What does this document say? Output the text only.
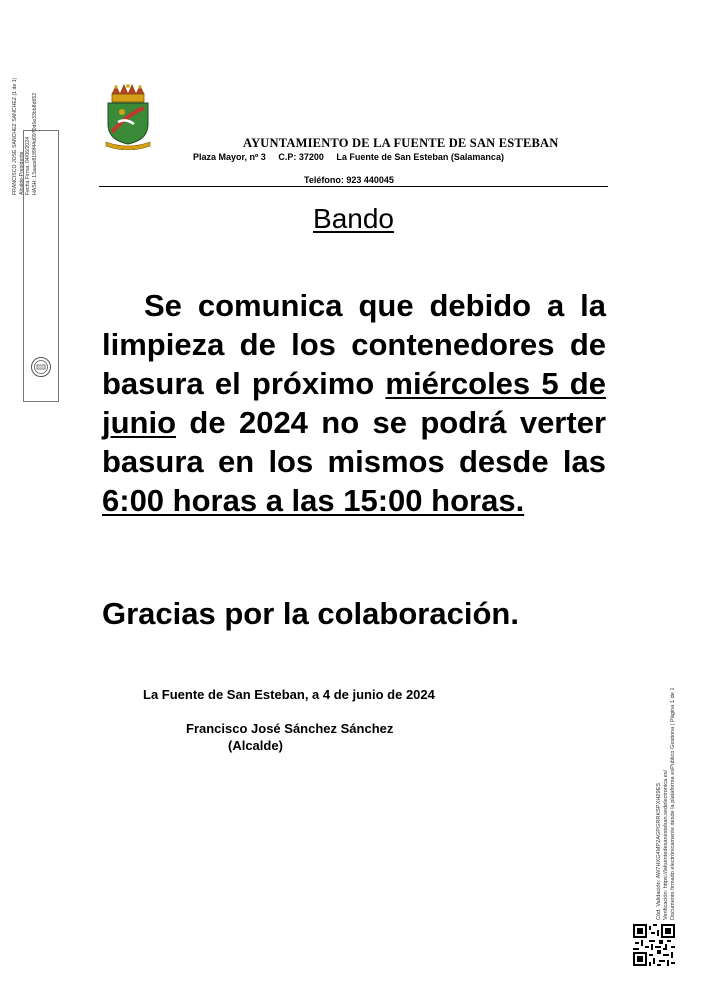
AYUNTAMIENTO DE LA FUENTE DE SAN ESTEBAN
Plaza Mayor, nº 3 C.P: 37200 La Fuente de San Esteban (Salamanca)
Teléfono: 923 440045
Bando
Se comunica que debido a la limpieza de los contenedores de basura el próximo miércoles 5 de junio de 2024 no se podrá verter basura en los mismos desde las 6:00 horas a las 15:00 horas.
Gracias por la colaboración.
La Fuente de San Esteban, a 4 de junio de 2024
Francisco José Sánchez Sánchez
(Alcalde)
FRANCISCO JOSÉ SANCHEZ SANCHEZ (1 de 1) Alcalde-Presidente Fecha Firma: 04/06/2024 HASH: 13aace8199f44d0970d6e33bb8d652
Cód. Validación: AW7HXG4MP2AGPGRRKSPXH29ES Verificación: https://lafuentedesanesteban.sedelectronica.es/ Documento firmado electrónicamente desde la plataforma esPublico Gestiona | Página 1 de 1
